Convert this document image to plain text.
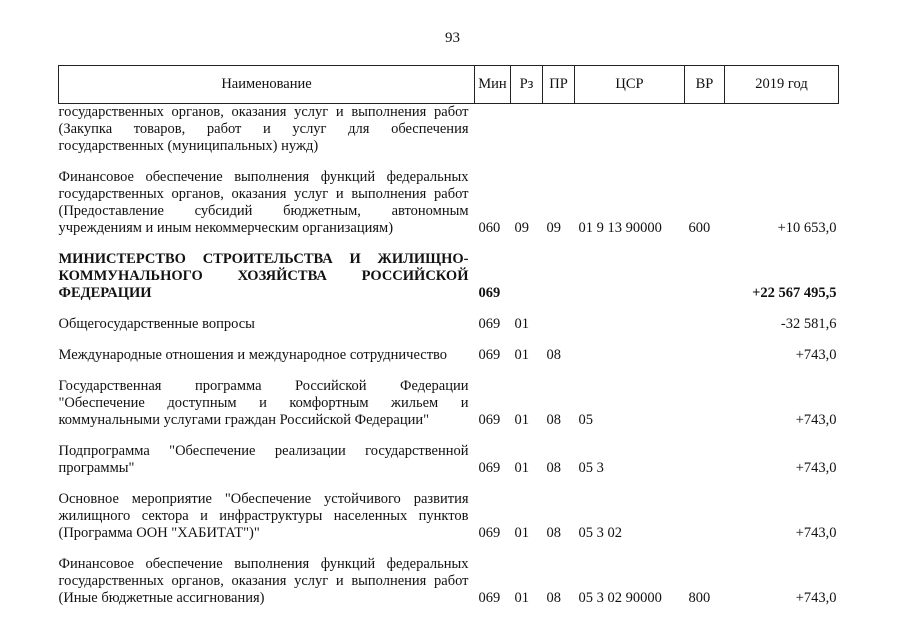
93
Наименование	Мин	Рз	ПР	ЦСР	ВР	2019 год
государственных органов, оказания услуг и выполнения работ (Закупка товаров, работ и услуг для обеспечения государственных (муниципальных) нужд)						

Финансовое обеспечение выполнения функций федеральных государственных органов, оказания услуг и выполнения работ (Предоставление субсидий бюджетным, автономным учреждениям и иным некоммерческим организациям)	060	09	09	01 9 13 90000	600	+10 653,0

МИНИСТЕРСТВО СТРОИТЕЛЬСТВА И ЖИЛИЩНО-КОММУНАЛЬНОГО ХОЗЯЙСТВА РОССИЙСКОЙ ФЕДЕРАЦИИ	069					+22 567 495,5

Общегосударственные вопросы	069	01				-32 581,6

Международные отношения и международное сотрудничество	069	01	08			+743,0

Государственная программа Российской Федерации "Обеспечение доступным и комфортным жильем и коммунальными услугами граждан Российской Федерации"	069	01	08	05		+743,0

Подпрограмма "Обеспечение реализации государственной программы"	069	01	08	05 3		+743,0

Основное мероприятие "Обеспечение устойчивого развития жилищного сектора и инфраструктуры населенных пунктов (Программа ООН "ХАБИТАТ")"	069	01	08	05 3 02		+743,0

Финансовое обеспечение выполнения функций федеральных государственных органов, оказания услуг и выполнения работ (Иные бюджетные ассигнования)	069	01	08	05 3 02 90000	800	+743,0
